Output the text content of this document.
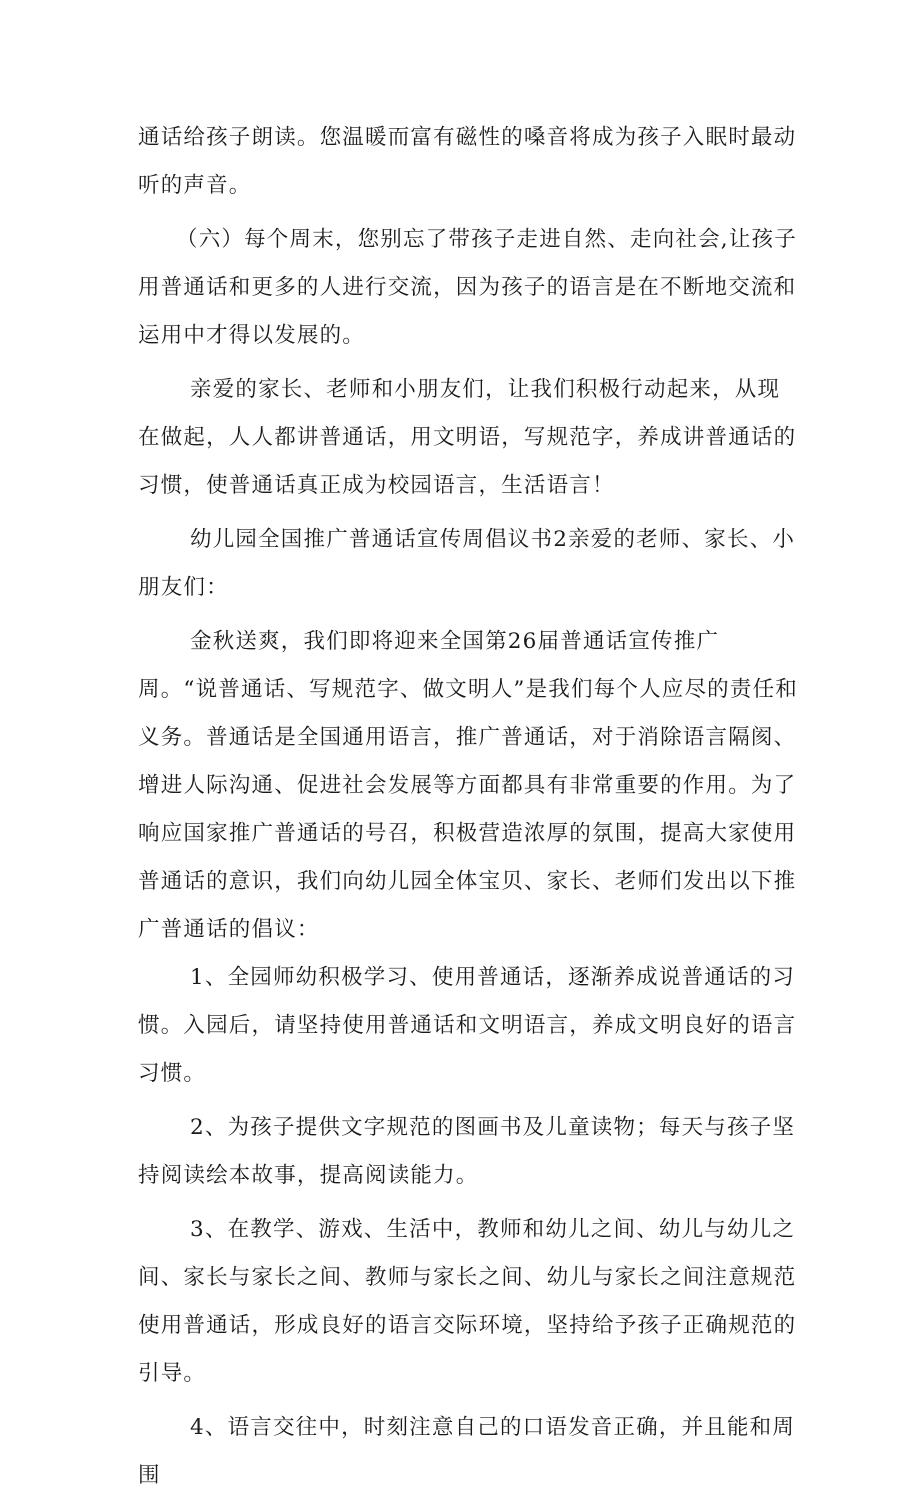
通话给孩子朗读。您温暖而富有磁性的嗓音将成为孩子入眠时最动听的声音。

（六）每个周末，您别忘了带孩子走进自然、走向社会,让孩子用普通话和更多的人进行交流，因为孩子的语言是在不断地交流和运用中才得以发展的。

亲爱的家长、老师和小朋友们，让我们积极行动起来，从现在做起，人人都讲普通话，用文明语，写规范字，养成讲普通话的习惯，使普通话真正成为校园语言，生活语言！

幼儿园全国推广普通话宣传周倡议书2亲爱的老师、家长、小朋友们：

金秋送爽，我们即将迎来全国第26届普通话宣传推广周。“说普通话、写规范字、做文明人”是我们每个人应尽的责任和义务。普通话是全国通用语言，推广普通话，对于消除语言隔阂、增进人际沟通、促进社会发展等方面都具有非常重要的作用。为了响应国家推广普通话的号召，积极营造浓厚的氛围，提高大家使用普通话的意识，我们向幼儿园全体宝贝、家长、老师们发出以下推广普通话的倡议：

1、全园师幼积极学习、使用普通话，逐渐养成说普通话的习惯。入园后，请坚持使用普通话和文明语言，养成文明良好的语言习惯。

2、为孩子提供文字规范的图画书及儿童读物；每天与孩子坚持阅读绘本故事，提高阅读能力。

3、在教学、游戏、生活中，教师和幼儿之间、幼儿与幼儿之间、家长与家长之间、教师与家长之间、幼儿与家长之间注意规范使用普通话，形成良好的语言交际环境，坚持给予孩子正确规范的引导。

4、语言交往中，时刻注意自己的口语发音正确，并且能和周围
